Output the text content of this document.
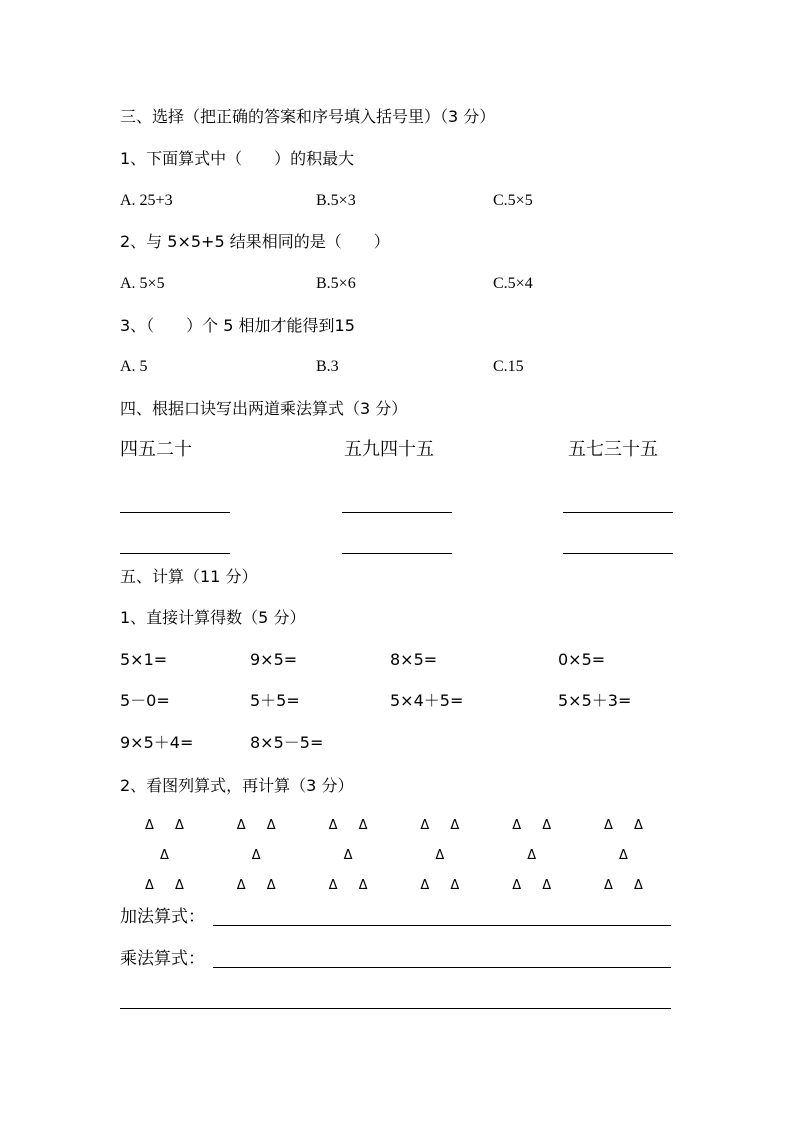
三、选择（把正确的答案和序号填入括号里）（3 分）
1、下面算式中（　　）的积最大
A. 25+3	B.5×3	C.5×5
2、与 5×5+5 结果相同的是（　　）
A. 5×5	B.5×6	C.5×4
3、（　　）个 5 相加才能得到15
A. 5	B.3	C.15
四、根据口诀写出两道乘法算式（3 分）
四五二十	五九四十五	五七三十五
五、计算（11 分）
1、直接计算得数（5 分）
5×1=	9×5=	8×5=	0×5=
5－0=	5＋5=	5×4＋5=	5×5＋3=
9×5＋4=	8×5－5=
2、看图列算式，再计算（3 分）
Δ Δ
Δ
Δ Δ
Δ Δ
Δ
Δ Δ
Δ Δ
Δ
Δ Δ
Δ Δ
Δ
Δ Δ
Δ Δ
Δ
Δ Δ
Δ Δ
Δ
Δ Δ
加法算式：
乘法算式：
